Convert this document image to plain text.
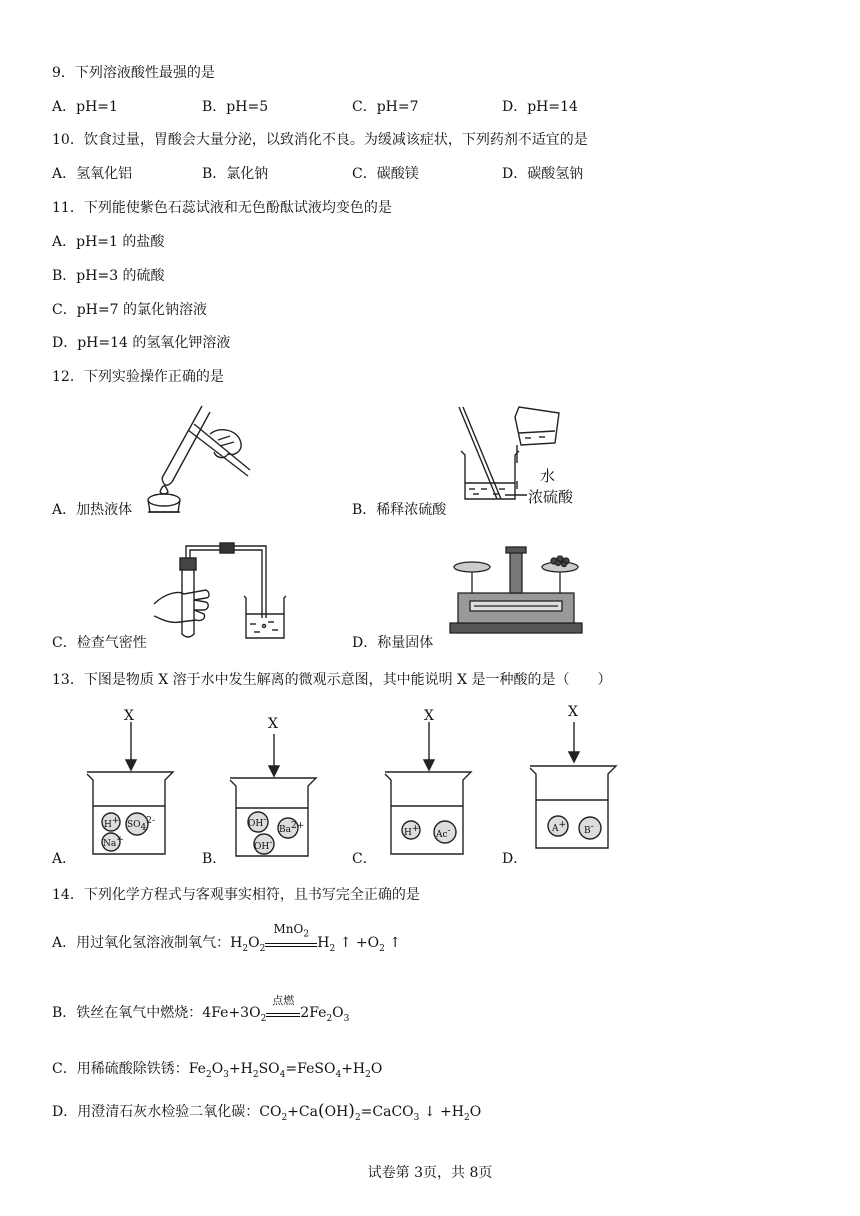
9．下列溶液酸性最强的是
A．pH=1	B．pH=5	C．pH=7	D．pH=14
10．饮食过量，胃酸会大量分泌，以致消化不良。为缓减该症状，下列药剂不适宜的是
A．氢氧化铝	B．氯化钠	C．碳酸镁	D．碳酸氢钠
11．下列能使紫色石蕊试液和无色酚酞试液均变色的是
A．pH=1 的盐酸
B．pH=3 的硫酸
C．pH=7 的氯化钠溶液
D．pH=14 的氢氧化钾溶液
12．下列实验操作正确的是
A．加热液体
水
浓硫酸
B．稀释浓硫酸
C．检查气密性	D．称量固体
13．下图是物质 X 溶于水中发生解离的微观示意图，其中能说明 X 是一种酸的是（　　）
X
H+ $SO_4^{2-}$
Na+
A．
X
OH-
$Ba^{2+}$
OH-
B．
X
H+
Ac-
C．
X
A+
B-
D．
14．下列化学方程式与客观事实相符，且书写完全正确的是
A．用过氧化氢溶液制氧气：$H_2O_2$
MnO$_2$
$H_2$ ↑ $+O_2$ ↑
B．铁丝在氧气中燃烧：$4Fe+3O_2$
点燃
$2Fe_2O_3$
C．用稀硫酸除铁锈：$Fe_2O_3+H_2SO_4=FeSO_4+H_2O$
D．用澄清石灰水检验二氧化碳：$CO_2+Ca(OH)_2=CaCO_3$ ↓ $+H_2O$
试卷第 3页，共 8页
